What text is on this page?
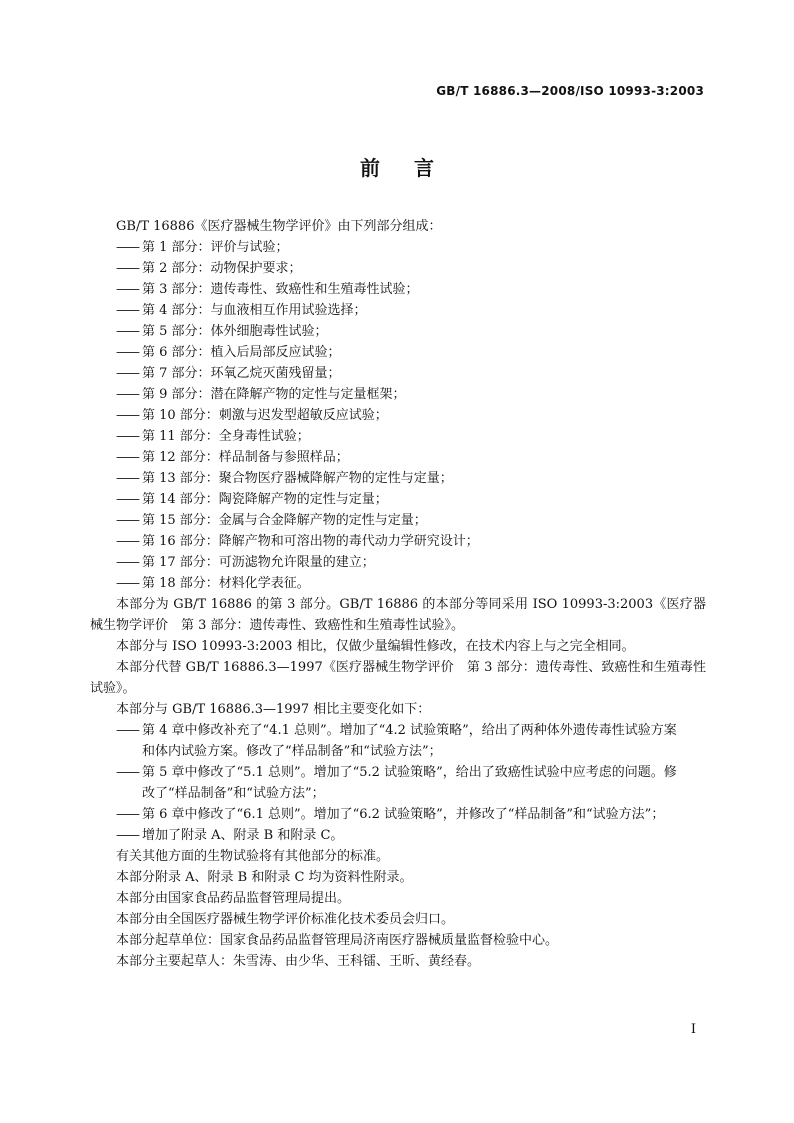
GB/T 16886.3—2008/ISO 10993-3:2003
前言

GB/T 16886《医疗器械生物学评价》由下列部分组成：

—— 第 1 部分：评价与试验；

—— 第 2 部分：动物保护要求；

—— 第 3 部分：遗传毒性、致癌性和生殖毒性试验；

—— 第 4 部分：与血液相互作用试验选择；

—— 第 5 部分：体外细胞毒性试验；

—— 第 6 部分：植入后局部反应试验；

—— 第 7 部分：环氧乙烷灭菌残留量；

—— 第 9 部分：潜在降解产物的定性与定量框架；

—— 第 10 部分：刺激与迟发型超敏反应试验；

—— 第 11 部分：全身毒性试验；

—— 第 12 部分：样品制备与参照样品；

—— 第 13 部分：聚合物医疗器械降解产物的定性与定量；

—— 第 14 部分：陶瓷降解产物的定性与定量；

—— 第 15 部分：金属与合金降解产物的定性与定量；

—— 第 16 部分：降解产物和可溶出物的毒代动力学研究设计；

—— 第 17 部分：可沥滤物允许限量的建立；

—— 第 18 部分：材料化学表征。

本部分为 GB/T 16886 的第 3 部分。GB/T 16886 的本部分等同采用 ISO 10993-3:2003《医疗器械生物学评价　第 3 部分：遗传毒性、致癌性和生殖毒性试验》。

本部分与 ISO 10993-3:2003 相比，仅做少量编辑性修改，在技术内容上与之完全相同。

本部分代替 GB/T 16886.3—1997《医疗器械生物学评价　第 3 部分：遗传毒性、致癌性和生殖毒性试验》。

本部分与 GB/T 16886.3—1997 相比主要变化如下：

—— 第 4 章中修改补充了“4.1 总则”。增加了“4.2 试验策略”，给出了两种体外遗传毒性试验方案

和体内试验方案。修改了“样品制备”和“试验方法”；

—— 第 5 章中修改了“5.1 总则”。增加了“5.2 试验策略”，给出了致癌性试验中应考虑的问题。修

改了“样品制备”和“试验方法”；

—— 第 6 章中修改了“6.1 总则”。增加了“6.2 试验策略”，并修改了“样品制备”和“试验方法”；

—— 增加了附录 A、附录 B 和附录 C。

有关其他方面的生物试验将有其他部分的标准。

本部分附录 A、附录 B 和附录 C 均为资料性附录。

本部分由国家食品药品监督管理局提出。

本部分由全国医疗器械生物学评价标准化技术委员会归口。

本部分起草单位：国家食品药品监督管理局济南医疗器械质量监督检验中心。

本部分主要起草人：朱雪涛、由少华、王科镭、王昕、黄经春。

I
